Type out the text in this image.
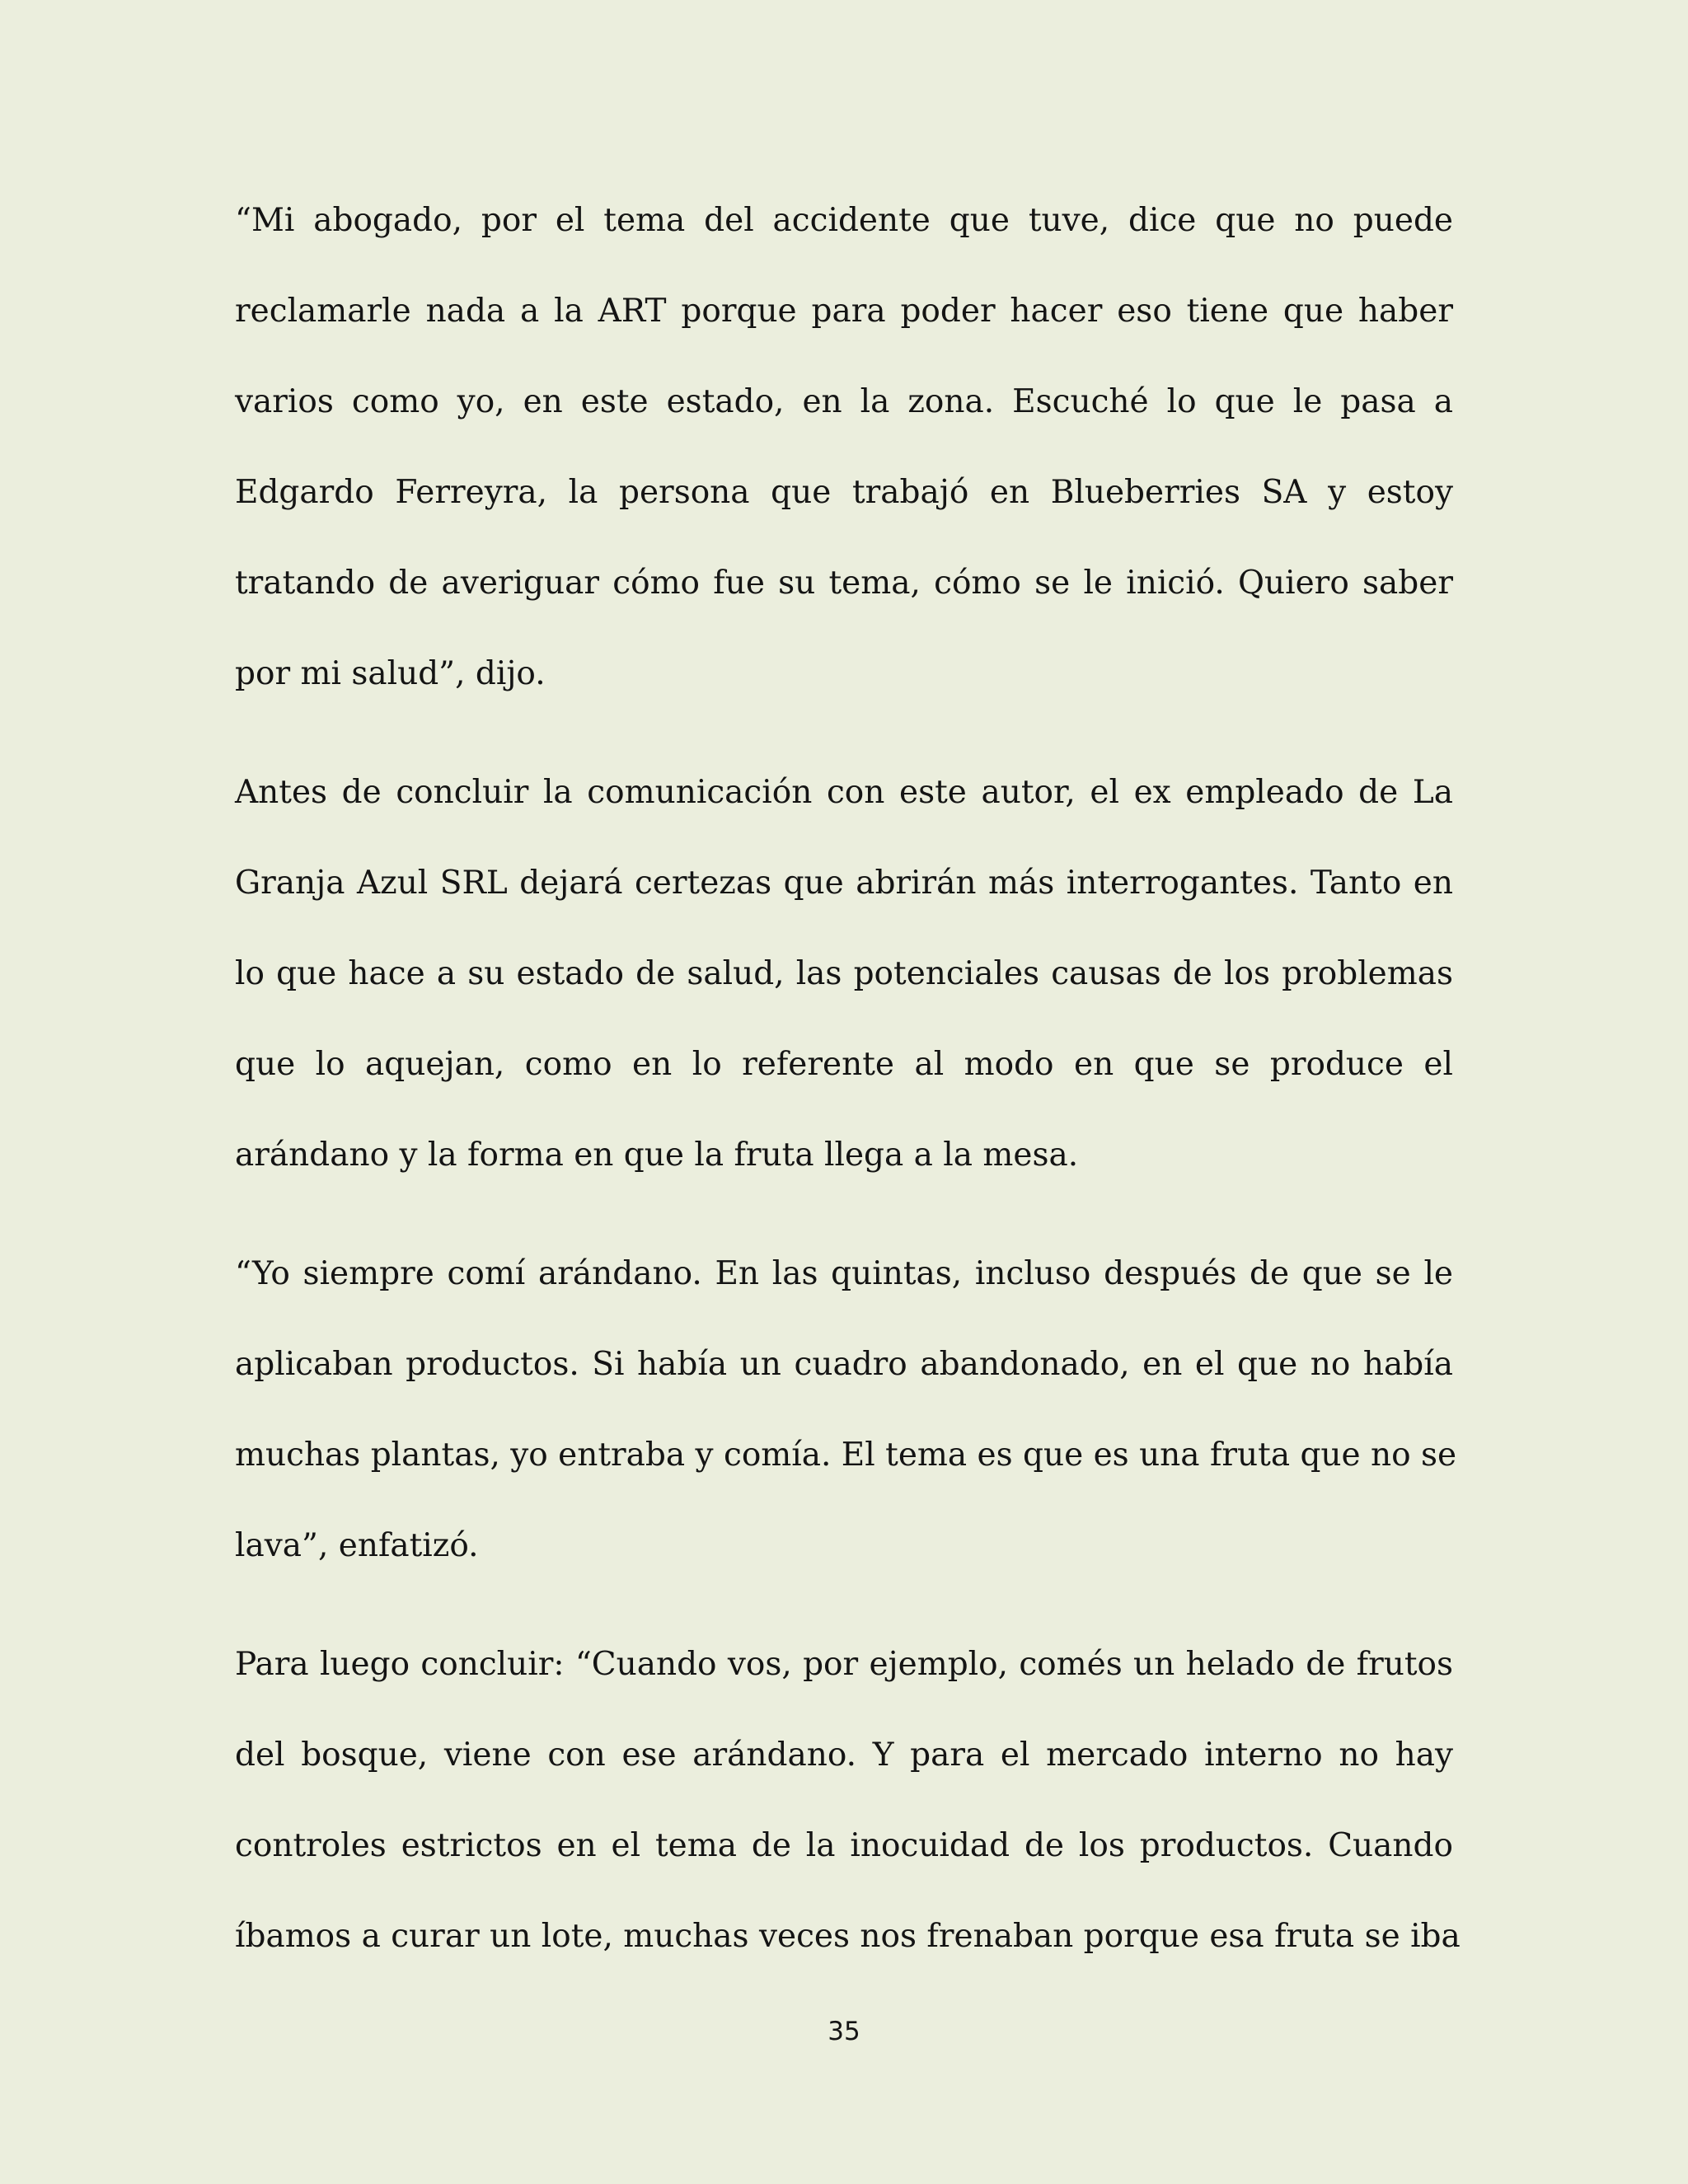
“Mi abogado, por el tema del accidente que tuve, dice que no puede
reclamarle nada a la ART porque para poder hacer eso tiene que haber
varios como yo, en este estado, en la zona. Escuché lo que le pasa a
Edgardo Ferreyra, la persona que trabajó en Blueberries SA y estoy
tratando de averiguar cómo fue su tema, cómo se le inició. Quiero saber
por mi salud”, dijo.

Antes de concluir la comunicación con este autor, el ex empleado de La
Granja Azul SRL dejará certezas que abrirán más interrogantes. Tanto en
lo que hace a su estado de salud, las potenciales causas de los problemas
que lo aquejan, como en lo referente al modo en que se produce el
arándano y la forma en que la fruta llega a la mesa.

“Yo siempre comí arándano. En las quintas, incluso después de que se le
aplicaban productos. Si había un cuadro abandonado, en el que no había
muchas plantas, yo entraba y comía. El tema es que es una fruta que no se
lava”, enfatizó.

Para luego concluir: “Cuando vos, por ejemplo, comés un helado de frutos
del bosque, viene con ese arándano. Y para el mercado interno no hay
controles estrictos en el tema de la inocuidad de los productos. Cuando
íbamos a curar un lote, muchas veces nos frenaban porque esa fruta se iba

35
